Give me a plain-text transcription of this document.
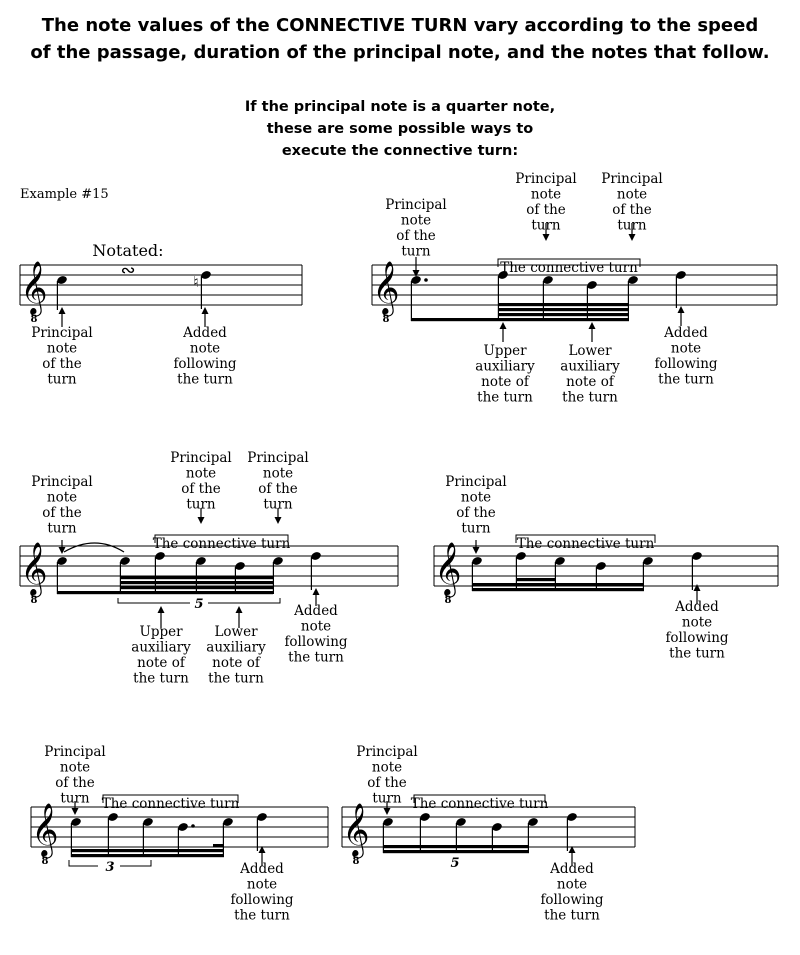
The note values of the CONNECTIVE TURN vary according to the speed
of the passage, duration of the principal note, and the notes that follow.
If the principal note is a quarter note,
these are some possible ways to
execute the connective turn:
Example #15
𝄞
8
Notated:
∾
♮
Principal
note
of the
turn
Added
note
following
the turn
𝄞
8
Principal
note
of the
turn
Principal
note
of the
turn
Principal
note
of the
turn
The connective turn
Upper
auxiliary
note of
the turn
Lower
auxiliary
note of
the turn
Added
note
following
the turn
𝄞
8	5
Principal
note
of the
turn
Principal
note
of the
turn
Principal
note
of the
turn
The connective turn
Upper
auxiliary
note of
the turn
Lower
auxiliary
note of
the turn
Added
note
following
the turn
𝄞
8
Principal
note
of the
turn
The connective turn
Added
note
following
the turn
𝄞
8	3
Principal
note
of the
turn The connective turn
Added
note
following
the turn
𝄞
8	5
Principal
note
of the
turn The connective turn
Added
note
following
the turn
